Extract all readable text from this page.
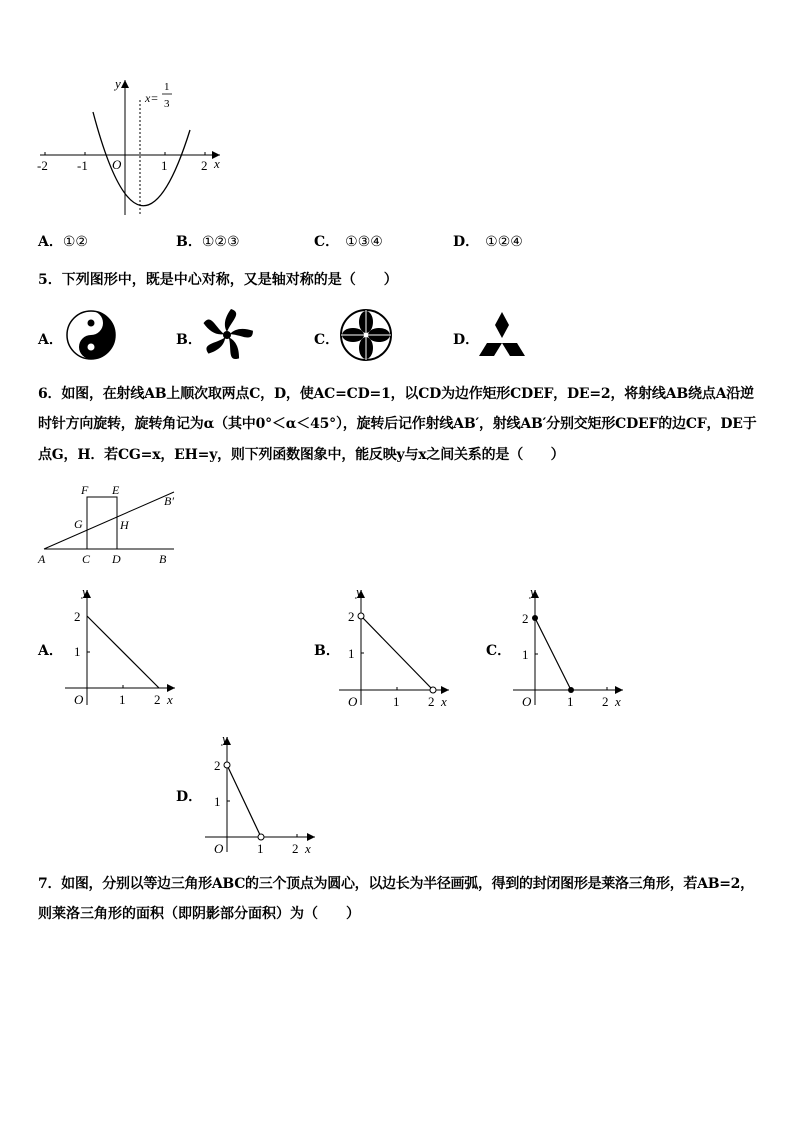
-2 -1 O	1	2 x
y
x=
1
3
A．①②	B．①②③	C． ①③④	D． ①②④
5．下列图形中，既是中心对称，又是轴对称的是（　　）
A．	B．	C．	D．
6．如图，在射线AB上顺次取两点C，D，使AC=CD=1，以CD为边作矩形CDEF，DE=2，将射线AB绕点A沿逆
时针方向旋转，旋转角记为α（其中0°＜α＜45°），旋转后记作射线AB′，射线AB′分别交矩形CDEF的边CF，DE于
点G，H．若CG=x，EH=y，则下列函数图象中，能反映y与x之间关系的是（　　）
A	C D	B
F E
G	H
B′
A．
O	1 2 x
1
2
y
B．
O	1 2 x
1
2
y
C．
O	1 2 x
1
2
y
D．
O	1 2 x
1
2
y
7．如图，分别以等边三角形ABC的三个顶点为圆心，以边长为半径画弧，得到的封闭图形是莱洛三角形，若AB=2，
则莱洛三角形的面积（即阴影部分面积）为（　　）
